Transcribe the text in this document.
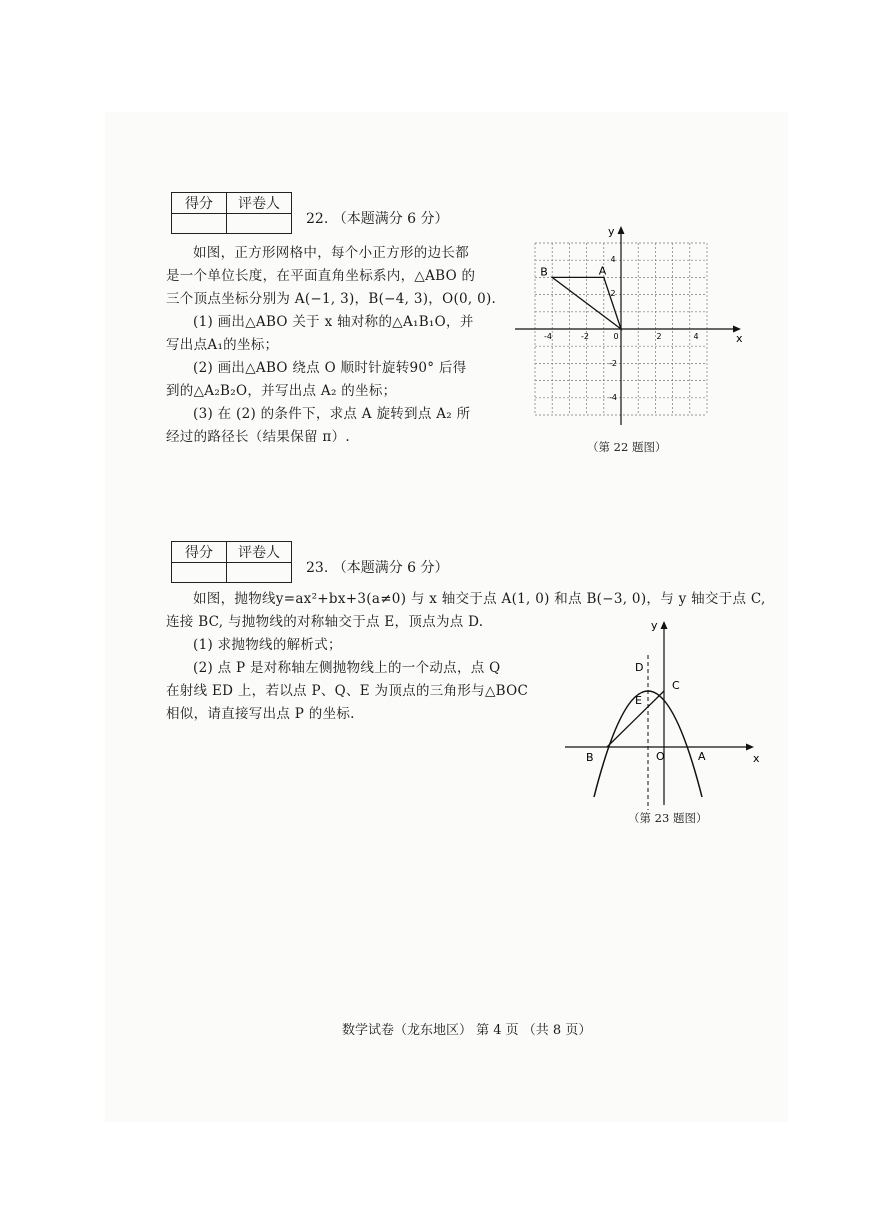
得分	评卷人

22. （本题满分 6 分）

如图，正方形网格中，每个小正方形的边长都

是一个单位长度，在平面直角坐标系内，△ABO 的

三个顶点坐标分别为 A(−1, 3)，B(−4, 3)，O(0, 0).

(1) 画出△ABO 关于 x 轴对称的△A₁B₁O，并

写出点A₁的坐标；

(2) 画出△ABO 绕点 O 顺时针旋转90° 后得

到的△A₂B₂O，并写出点 A₂ 的坐标；

(3) 在 (2) 的条件下，求点 A 旋转到点 A₂ 所

经过的路径长（结果保留 π）.

x
y
B	A
-4	-2	0	2	4
4
2
-2
-4
（第 22 题图）
得分	评卷人

23. （本题满分 6 分）

如图，抛物线y=ax²+bx+3(a≠0) 与 x 轴交于点 A(1, 0) 和点 B(−3, 0)，与 y 轴交于点 C,

连接 BC, 与抛物线的对称轴交于点 E，顶点为点 D.

(1) 求抛物线的解析式；

(2) 点 P 是对称轴左侧抛物线上的一个动点，点 Q

在射线 ED 上，若以点 P、Q、E 为顶点的三角形与△BOC

相似，请直接写出点 P 的坐标.

x
y
D
C
E
B	O	A
（第 23 题图）
数学试卷（龙东地区） 第 4 页 （共 8 页）
